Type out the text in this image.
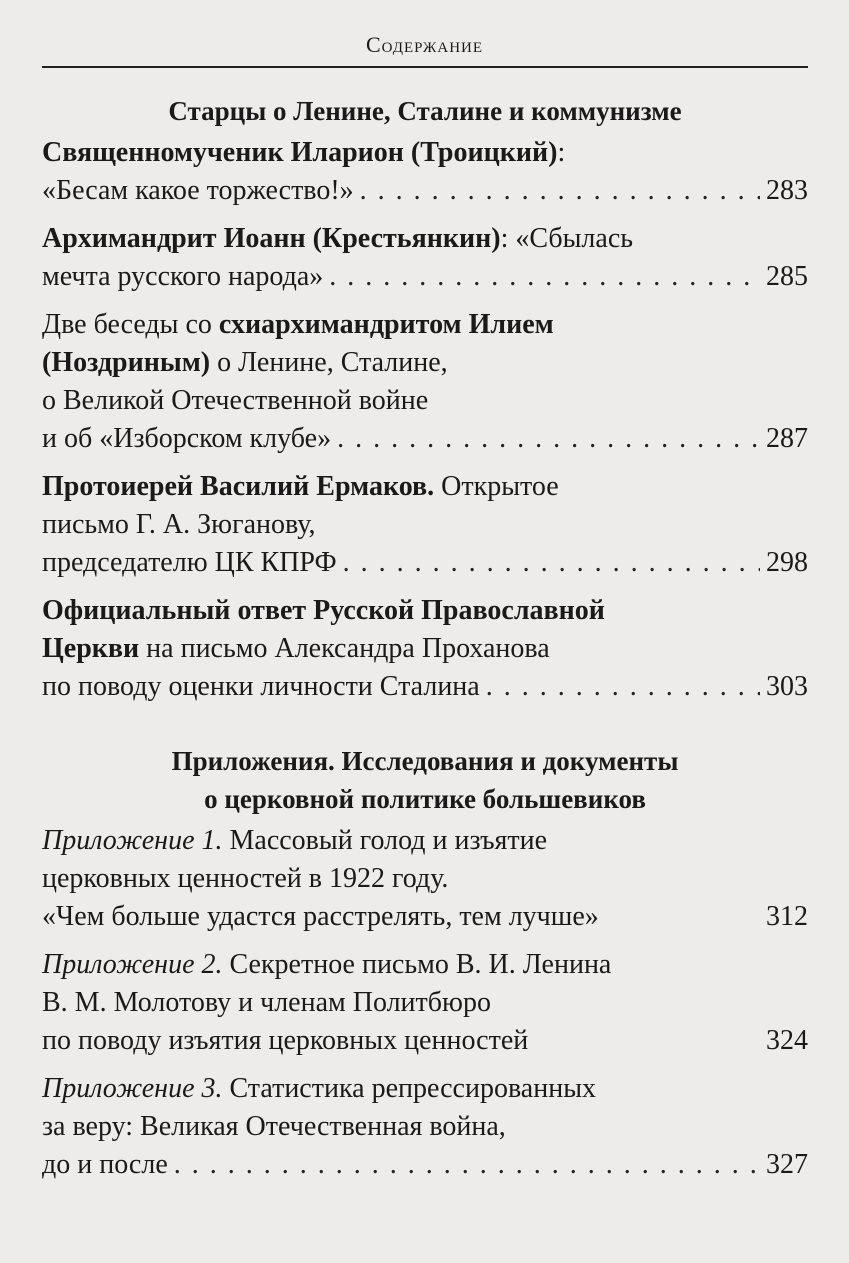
Содержание
Старцы о Ленине, Сталине и коммунизме
Священномученик Иларион (Троицкий):
«Бесам какое торжество!» . . .	283
Архимандрит Иоанн (Крестьянкин): «Сбылась
мечта русского народа» . . .	285
Две беседы со схиархимандритом Илием
(Ноздриным) о Ленине, Сталине,
о Великой Отечественной войне
и об «Изборском клубе» . . .	287
Протоиерей Василий Ермаков. Открытое
письмо Г. А. Зюганову,
председателю ЦК КПРФ . . .	298
Официальный ответ Русской Православной
Церкви на письмо Александра Проханова
по поводу оценки личности Сталина . . .	303
Приложения. Исследования и документы
о церковной политике большевиков
Приложение 1. Массовый голод и изъятие
церковных ценностей в 1922 году.
«Чем больше удастся расстрелять, тем лучше»	312
Приложение 2. Секретное письмо В. И. Ленина
В. М. Молотову и членам Политбюро
по поводу изъятия церковных ценностей	324
Приложение 3. Статистика репрессированных
за веру: Великая Отечественная война,
до и после . . .	327
